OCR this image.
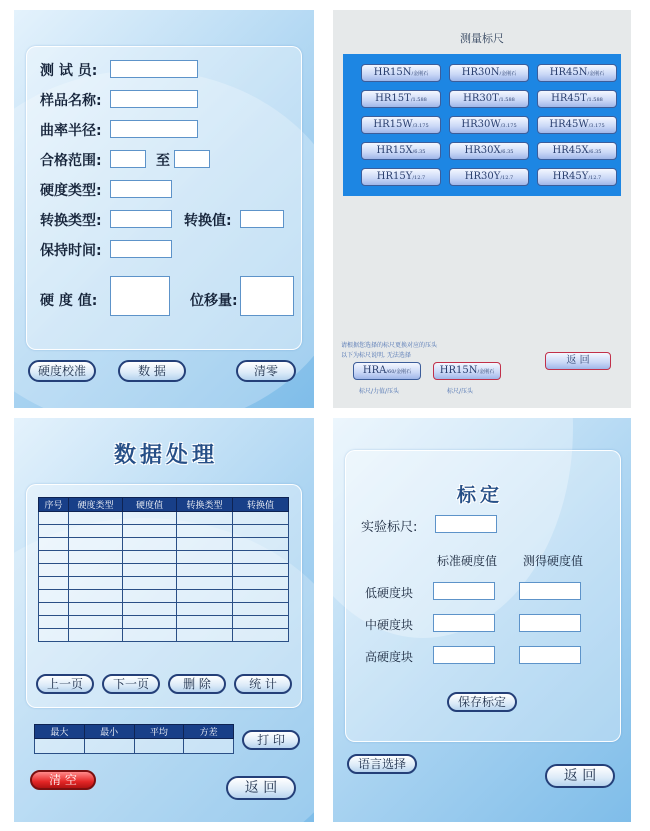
测 试 员:
样品名称:
曲率半径:
合格范围:	至
硬度类型:
转换类型:	转换值:
保持时间:
硬 度 值:	位移量:
硬度校准	数 据	清零
测量标尺
HR15N/金刚石	HR30N/金刚石	HR45N/金刚石
HR15T/1.588	HR30T/1.588	HR45T/1.588
HR15W/3.175	HR30W/3.175	HR45W/3.175
HR15X/6.35	HR30X/6.35	HR45X/6.35
HR15Y/12.7	HR30Y/12.7	HR45Y/12.7
请根据您选择的标尺更换对应的压头
以下为标尺说明, 无法选择
HRA/60/金刚石	HR15N/金刚石
标尺/力值/压头	标尺/压头
返 回
数据处理
序号	硬度类型	硬度值	转换类型	转换值

上一页	下一页	删 除	统 计
最大	最小	平均	方差
				打 印
清 空	返 回
标定
实验标尺:
标准硬度值 测得硬度值
低硬度块
中硬度块
高硬度块
保存标定
语言选择
返 回
